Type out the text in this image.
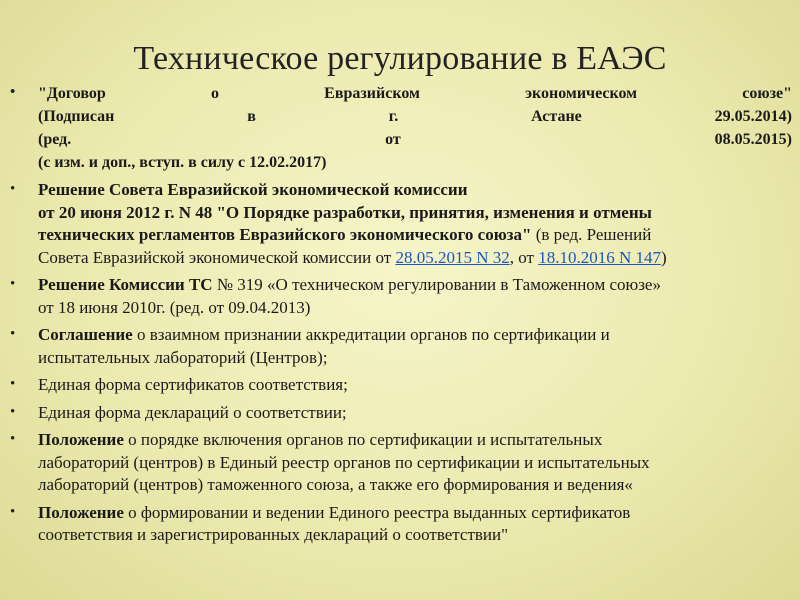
Техническое регулирование в ЕАЭС
•	"Договор	о	Евразийском	экономическом	союзе"
(Подписан	в	г.	Астане	29.05.2014)
(ред.	от	08.05.2015)
(с изм. и доп., вступ. в силу с 12.02.2017)
•	Решение Совета Евразийской экономической комиссии
от 20 июня 2012 г. N 48 "О Порядке разработки, принятия, изменения и отмены
технических регламентов Евразийского экономического союза" (в ред. Решений
Совета Евразийской экономической комиссии от 28.05.2015 N 32, от 18.10.2016 N 147)
•	Решение Комиссии ТС № 319 «О техническом регулировании в Таможенном союзе»
от 18 июня 2010г. (ред. от 09.04.2013)
•	Соглашение о взаимном признании аккредитации органов по сертификации и
испытательных лабораторий (Центров);
•	Единая форма сертификатов соответствия;
•	Единая форма деклараций о соответствии;
•	Положение о порядке включения органов по сертификации и испытательных
лабораторий (центров) в Единый реестр органов по сертификации и испытательных
лабораторий (центров) таможенного союза, а также его формирования и ведения«
•	Положение о формировании и ведении Единого реестра выданных сертификатов
соответствия и зарегистрированных деклараций о соответствии"
